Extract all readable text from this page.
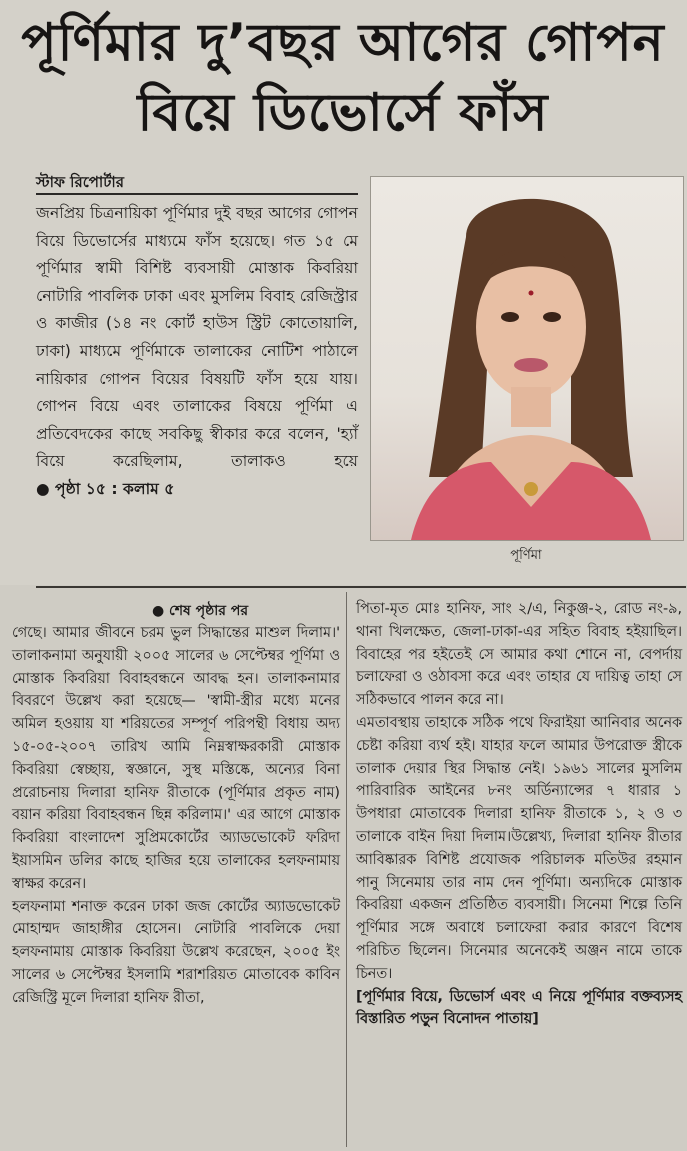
পূর্ণিমার দু’বছর আগের গোপন
বিয়ে ডিভোর্সে ফাঁস
স্টাফ রিপোর্টার
জনপ্রিয় চিত্রনায়িকা পূর্ণিমার দুই বছর আগের গোপন বিয়ে ডিভোর্সের মাধ্যমে ফাঁস হয়েছে। গত ১৫ মে পূর্ণিমার স্বামী বিশিষ্ট ব্যবসায়ী মোস্তাক কিবরিয়া নোটারি পাবলিক ঢাকা এবং মুসলিম বিবাহ রেজিস্ট্রার ও কাজীর (১৪ নং কোর্ট হাউস স্ট্রিট কোতোয়ালি, ঢাকা) মাধ্যমে পূর্ণিমাকে তালাকের নোটিশ পাঠালে নায়িকার গোপন বিয়ের বিষয়টি ফাঁস হয়ে যায়। গোপন বিয়ে এবং তালাকের বিষয়ে পূর্ণিমা এ প্রতিবেদকের কাছে সবকিছু স্বীকার করে বলেন, 'হ্যাঁ বিয়ে করেছিলাম, তালাকও হয়ে ● পৃষ্ঠা ১৫ : কলাম ৫
পূর্ণিমা
● শেষ পৃষ্ঠার পর

গেছে। আমার জীবনে চরম ভুল সিদ্ধান্তের মাশুল দিলাম।' তালাকনামা অনুযায়ী ২০০৫ সালের ৬ সেপ্টেম্বর পূর্ণিমা ও মোস্তাক কিবরিয়া বিবাহবন্ধনে আবদ্ধ হন। তালাকনামার বিবরণে উল্লেখ করা হয়েছে— 'স্বামী-স্ত্রীর মধ্যে মনের অমিল হওয়ায় যা শরিয়তের সম্পূর্ণ পরিপন্থী বিধায় অদ্য ১৫-০৫-২০০৭ তারিখ আমি নিম্নস্বাক্ষরকারী মোস্তাক কিবরিয়া স্বেচ্ছায়, স্বজ্ঞানে, সুস্থ মস্তিষ্কে, অন্যের বিনা প্ররোচনায় দিলারা হানিফ রীতাকে (পূর্ণিমার প্রকৃত নাম) বয়ান করিয়া বিবাহবন্ধন ছিন্ন করিলাম।' এর আগে মোস্তাক কিবরিয়া বাংলাদেশ সুপ্রিমকোর্টের অ্যাডভোকেট ফরিদা ইয়াসমিন ডলির কাছে হাজির হয়ে তালাকের হলফনামায় স্বাক্ষর করেন।

হলফনামা শনাক্ত করেন ঢাকা জজ কোর্টের অ্যাডভোকেট মোহাম্মদ জাহাঙ্গীর হোসেন। নোটারি পাবলিকে দেয়া হলফনামায় মোস্তাক কিবরিয়া উল্লেখ করেছেন, ২০০৫ ইং সালের ৬ সেপ্টেম্বর ইসলামি শরাশরিয়ত মোতাবেক কাবিন রেজিস্ট্রি মূলে দিলারা হানিফ রীতা,

পিতা-মৃত মোঃ হানিফ, সাং ২/এ, নিকুঞ্জ-২, রোড নং-৯, থানা খিলক্ষেত, জেলা-ঢাকা-এর সহিত বিবাহ হইয়াছিল। বিবাহের পর হইতেই সে আমার কথা শোনে না, বেপর্দায় চলাফেরা ও ওঠাবসা করে এবং তাহার যে দায়িত্ব তাহা সে সঠিকভাবে পালন করে না।

এমতাবস্থায় তাহাকে সঠিক পথে ফিরাইয়া আনিবার অনেক চেষ্টা করিয়া ব্যর্থ হই। যাহার ফলে আমার উপরোক্ত স্ত্রীকে তালাক দেয়ার স্থির সিদ্ধান্ত নেই। ১৯৬১ সালের মুসলিম পারিবারিক আইনের ৮নং অর্ডিন্যান্সের ৭ ধারার ১ উপধারা মোতাবেক দিলারা হানিফ রীতাকে ১, ২ ও ৩ তালাকে বাইন দিয়া দিলাম।উল্লেখ্য, দিলারা হানিফ রীতার আবিষ্কারক বিশিষ্ট প্রযোজক পরিচালক মতিউর রহমান পানু সিনেমায় তার নাম দেন পূর্ণিমা। অন্যদিকে মোস্তাক কিবরিয়া একজন প্রতিষ্ঠিত ব্যবসায়ী। সিনেমা শিল্পে তিনি পূর্ণিমার সঙ্গে অবাধে চলাফেরা করার কারণে বিশেষ পরিচিত ছিলেন। সিনেমার অনেকেই অঞ্জন নামে তাকে চিনত।

[পূর্ণিমার বিয়ে, ডিভোর্স এবং এ নিয়ে পূর্ণিমার বক্তব্যসহ বিস্তারিত পড়ুন বিনোদন পাতায়]
